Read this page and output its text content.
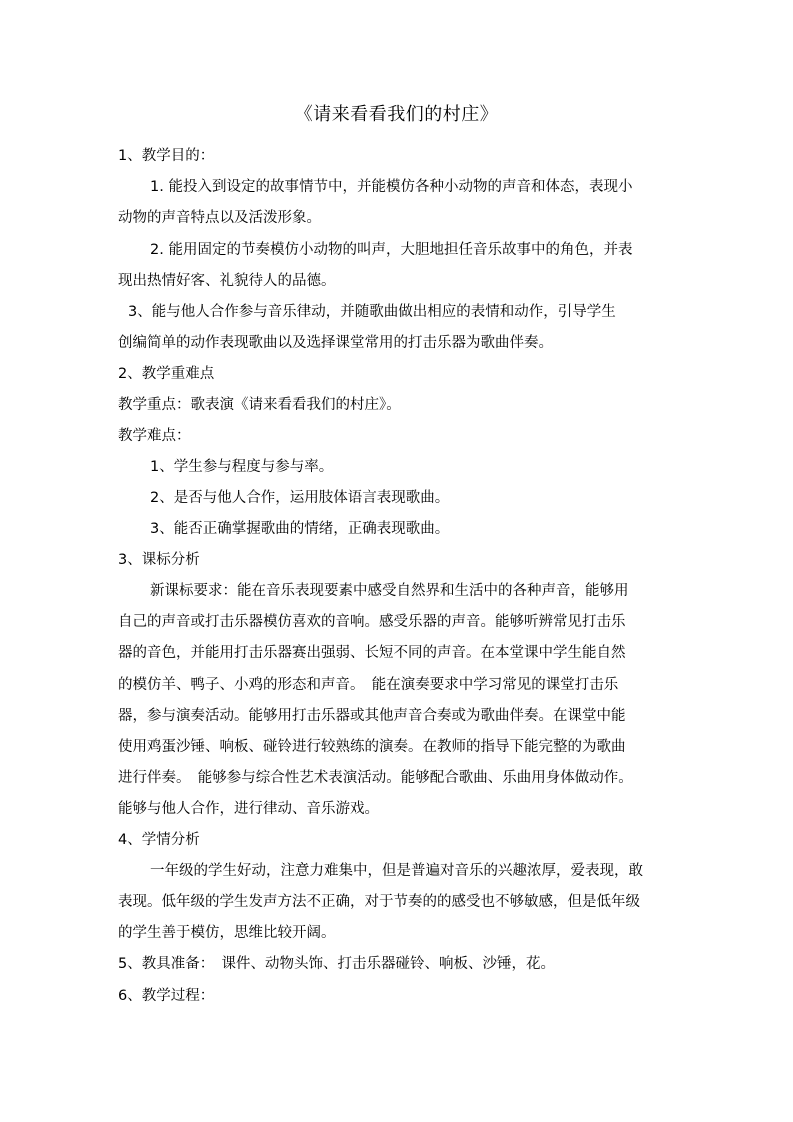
《请来看看我们的村庄》
1、教学目的：
1. 能投入到设定的故事情节中，并能模仿各种小动物的声音和体态，表现小
动物的声音特点以及活泼形象。
2. 能用固定的节奏模仿小动物的叫声，大胆地担任音乐故事中的角色，并表
现出热情好客、礼貌待人的品德。
3、能与他人合作参与音乐律动，并随歌曲做出相应的表情和动作，引导学生
创编简单的动作表现歌曲以及选择课堂常用的打击乐器为歌曲伴奏。
2、教学重难点
教学重点：歌表演《请来看看我们的村庄》。
教学难点：
1、学生参与程度与参与率。
2、是否与他人合作，运用肢体语言表现歌曲。
3、能否正确掌握歌曲的情绪，正确表现歌曲。
3、课标分析
新课标要求：能在音乐表现要素中感受自然界和生活中的各种声音，能够用
自己的声音或打击乐器模仿喜欢的音响。感受乐器的声音。能够听辨常见打击乐
器的音色，并能用打击乐器赛出强弱、长短不同的声音。在本堂课中学生能自然
的模仿羊、鸭子、小鸡的形态和声音。　能在演奏要求中学习常见的课堂打击乐
器，参与演奏活动。能够用打击乐器或其他声音合奏或为歌曲伴奏。在课堂中能
使用鸡蛋沙锤、响板、碰铃进行较熟练的演奏。在教师的指导下能完整的为歌曲
进行伴奏。　能够参与综合性艺术表演活动。能够配合歌曲、乐曲用身体做动作。
能够与他人合作，进行律动、音乐游戏。
4、学情分析
一年级的学生好动，注意力难集中，但是普遍对音乐的兴趣浓厚，爱表现，敢
表现。低年级的学生发声方法不正确，对于节奏的的感受也不够敏感，但是低年级
的学生善于模仿，思维比较开阔。
5、教具准备：　课件、动物头饰、打击乐器碰铃、响板、沙锤，花。
6、教学过程：
